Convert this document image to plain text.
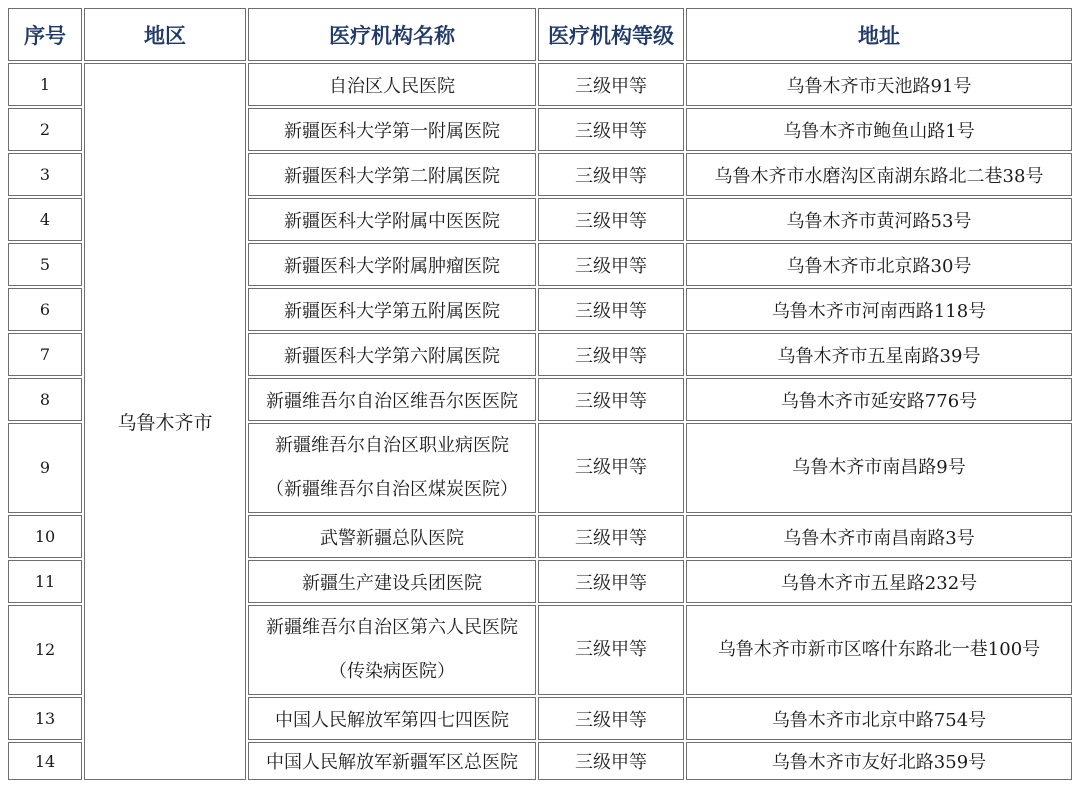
序号	地区	医疗机构名称	医疗机构等级	地址
1	乌鲁木齐市	自治区人民医院	三级甲等	乌鲁木齐市天池路91号
2		新疆医科大学第一附属医院	三级甲等	乌鲁木齐市鲍鱼山路1号
3		新疆医科大学第二附属医院	三级甲等	乌鲁木齐市水磨沟区南湖东路北二巷38号
4		新疆医科大学附属中医医院	三级甲等	乌鲁木齐市黄河路53号
5		新疆医科大学附属肿瘤医院	三级甲等	乌鲁木齐市北京路30号
6		新疆医科大学第五附属医院	三级甲等	乌鲁木齐市河南西路118号
7		新疆医科大学第六附属医院	三级甲等	乌鲁木齐市五星南路39号
8		新疆维吾尔自治区维吾尔医医院	三级甲等	乌鲁木齐市延安路776号
9		新疆维吾尔自治区职业病医院
（新疆维吾尔自治区煤炭医院）	三级甲等	乌鲁木齐市南昌路9号
10		武警新疆总队医院	三级甲等	乌鲁木齐市南昌南路3号
11		新疆生产建设兵团医院	三级甲等	乌鲁木齐市五星路232号
12		新疆维吾尔自治区第六人民医院
（传染病医院）	三级甲等	乌鲁木齐市新市区喀什东路北一巷100号
13		中国人民解放军第四七四医院	三级甲等	乌鲁木齐市北京中路754号
14		中国人民解放军新疆军区总医院	三级甲等	乌鲁木齐市友好北路359号
